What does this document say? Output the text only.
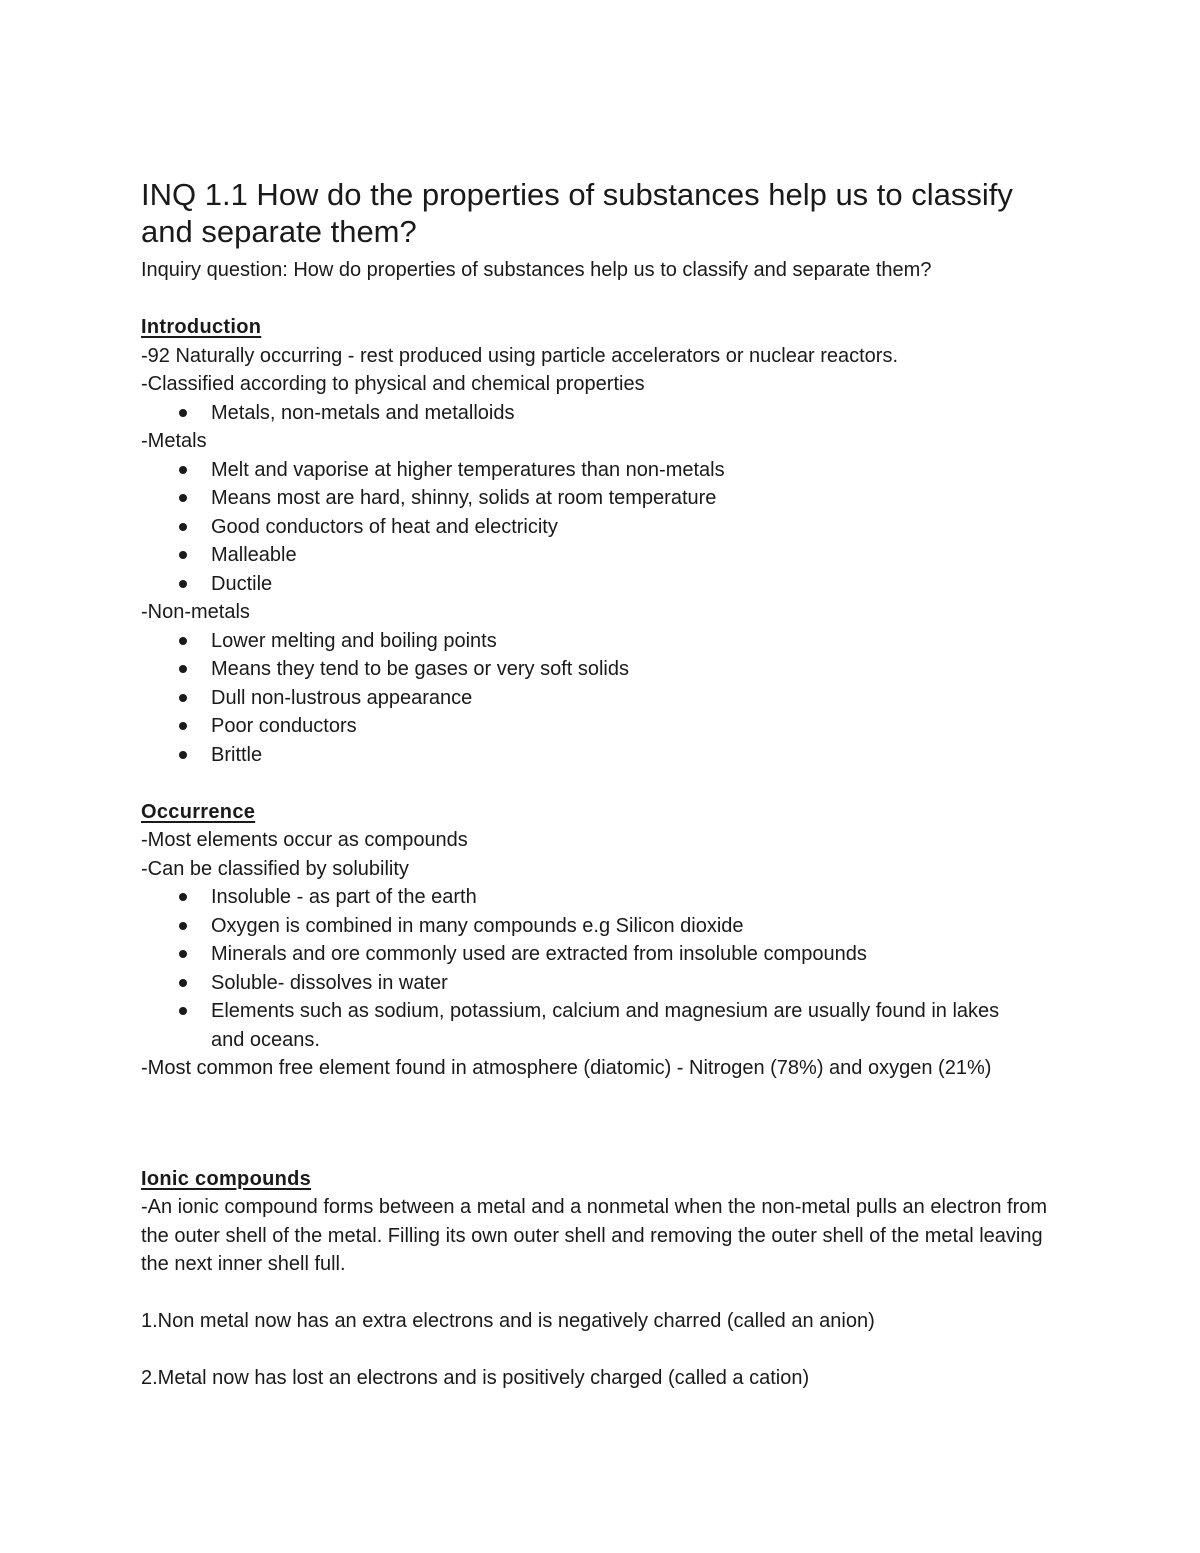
INQ 1.1 How do the properties of substances help us to classify and separate them?

Inquiry question: How do properties of substances help us to classify and separate them?

Introduction

-92 Naturally occurring - rest produced using particle accelerators or nuclear reactors.

-Classified according to physical and chemical properties

Metals, non-metals and metalloids

-Metals

Melt and vaporise at higher temperatures than non-metals
Means most are hard, shinny, solids at room temperature
Good conductors of heat and electricity
Malleable
Ductile

-Non-metals

Lower melting and boiling points
Means they tend to be gases or very soft solids
Dull non-lustrous appearance
Poor conductors
Brittle

Occurrence

-Most elements occur as compounds

-Can be classified by solubility

Insoluble - as part of the earth
Oxygen is combined in many compounds e.g Silicon dioxide
Minerals and ore commonly used are extracted from insoluble compounds
Soluble- dissolves in water
Elements such as sodium, potassium, calcium and magnesium are usually found in lakes and oceans.

-Most common free element found in atmosphere (diatomic) - Nitrogen (78%) and oxygen (21%)

Ionic compounds

-An ionic compound forms between a metal and a nonmetal when the non-metal pulls an electron from the outer shell of the metal. Filling its own outer shell and removing the outer shell of the metal leaving the next inner shell full.

1.Non metal now has an extra electrons and is negatively charred (called an anion)

2.Metal now has lost an electrons and is positively charged (called a cation)
